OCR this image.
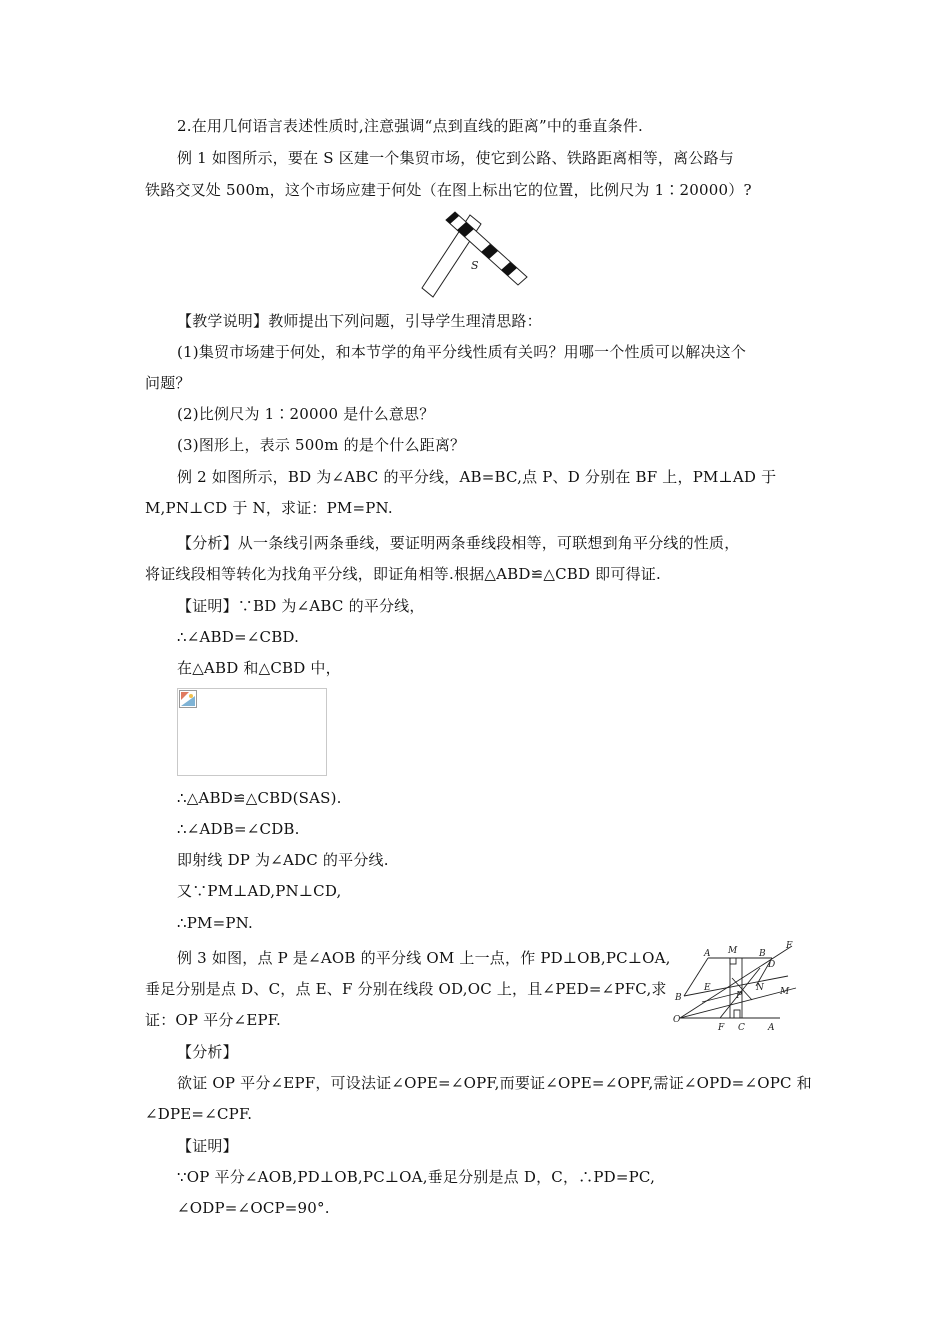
2.在用几何语言表述性质时,注意强调“点到直线的距离”中的垂直条件.
例 1 如图所示，要在 S 区建一个集贸市场，使它到公路、铁路距离相等，离公路与
铁路交叉处 500m，这个市场应建于何处（在图上标出它的位置，比例尺为 1∶20000）?
S
【教学说明】教师提出下列问题，引导学生理清思路：
(1)集贸市场建于何处，和本节学的角平分线性质有关吗？用哪一个性质可以解决这个
问题？
(2)比例尺为 1∶20000 是什么意思？
(3)图形上，表示 500m 的是个什么距离？
例 2 如图所示，BD 为∠ABC 的平分线，AB=BC,点 P、D 分别在 BF 上，PM⊥AD 于
M,PN⊥CD 于 N，求证：PM=PN.
【分析】从一条线引两条垂线，要证明两条垂线段相等，可联想到角平分线的性质，
将证线段相等转化为找角平分线，即证角相等.根据△ABD≌△CBD 即可得证.
【证明】∵BD 为∠ABC 的平分线，
∴∠ABD=∠CBD.
在△ABD 和△CBD 中，
∴△ABD≌△CBD(SAS).
∴∠ADB=∠CDB.
即射线 DP 为∠ADC 的平分线.
又∵PM⊥AD,PN⊥CD,
∴PM=PN.
例 3 如图，点 P 是∠AOB 的平分线 OM 上一点，作 PD⊥OB,PC⊥OA,
垂足分别是点 D、C，点 E、F 分别在线段 OD,OC 上，且∠PED=∠PFC,求
证：OP 平分∠EPF.
A M B
D
F
B
E
P
N M
O
F C	A
【分析】
欲证 OP 平分∠EPF，可设法证∠OPE=∠OPF,而要证∠OPE=∠OPF,需证∠OPD=∠OPC 和
∠DPE=∠CPF.
【证明】
∵OP 平分∠AOB,PD⊥OB,PC⊥OA,垂足分别是点 D，C，∴PD=PC,
∠ODP=∠OCP=90°.
